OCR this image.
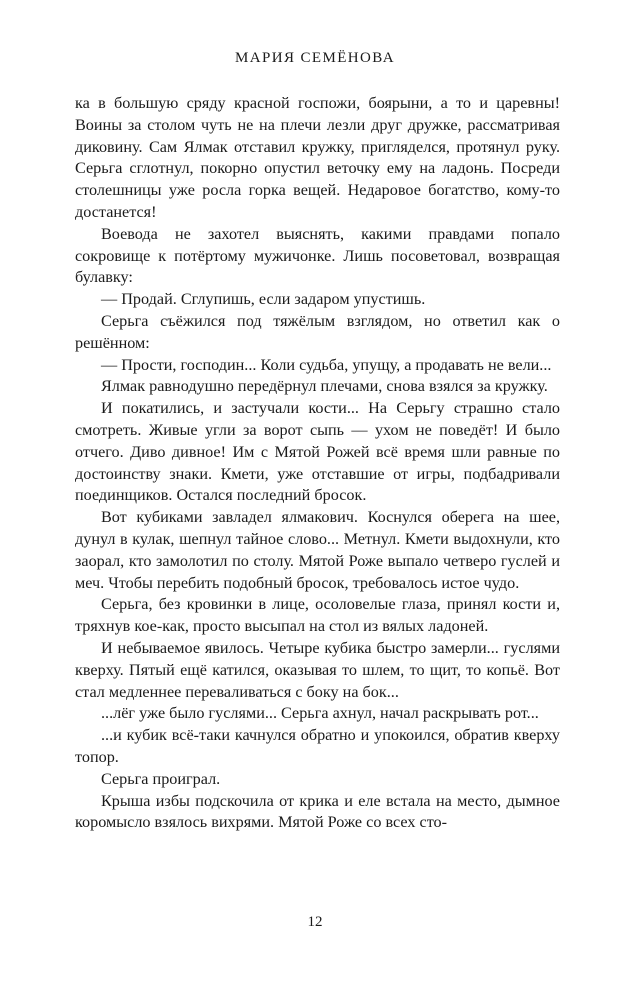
МАРИЯ СЕМЁНОВА

ка в большую сряду красной госпожи, боярыни, а то и царевны! Воины за столом чуть не на плечи лезли друг дружке, рассматривая диковину. Сам Ялмак отставил кружку, пригляделся, протянул руку. Серьга сглотнул, покорно опустил веточку ему на ладонь. Посреди столешницы уже росла горка вещей. Недаровое богатство, кому-то достанется!

Воевода не захотел выяснять, какими правдами попало сокровище к потёртому мужичонке. Лишь посоветовал, возвращая булавку:

— Продай. Сглупишь, если задаром упустишь.

Серьга съёжился под тяжёлым взглядом, но ответил как о решённом:

— Прости, господин... Коли судьба, упущу, а продавать не вели...

Ялмак равнодушно передёрнул плечами, снова взялся за кружку.

И покатились, и застучали кости... На Серьгу страшно стало смотреть. Живые угли за ворот сыпь — ухом не поведёт! И было отчего. Диво дивное! Им с Мятой Рожей всё время шли равные по достоинству знаки. Кмети, уже отставшие от игры, подбадривали поединщиков. Остался последний бросок.

Вот кубиками завладел ялмакович. Коснулся оберега на шее, дунул в кулак, шепнул тайное слово... Метнул. Кмети выдохнули, кто заорал, кто замолотил по столу. Мятой Роже выпало четверо гуслей и меч. Чтобы перебить подобный бросок, требовалось истое чудо.

Серьга, без кровинки в лице, осоловелые глаза, принял кости и, тряхнув кое-как, просто высыпал на стол из вялых ладоней.

И небываемое явилось. Четыре кубика быстро замерли... гуслями кверху. Пятый ещё катился, оказывая то шлем, то щит, то копьё. Вот стал медленнее переваливаться с боку на бок...

...лёг уже было гуслями... Серьга ахнул, начал раскрывать рот...

...и кубик всё-таки качнулся обратно и упокоился, обратив кверху топор.

Серьга проиграл.

Крыша избы подскочила от крика и еле встала на место, дымное коромысло взялось вихрями. Мятой Роже со всех сто-

12
